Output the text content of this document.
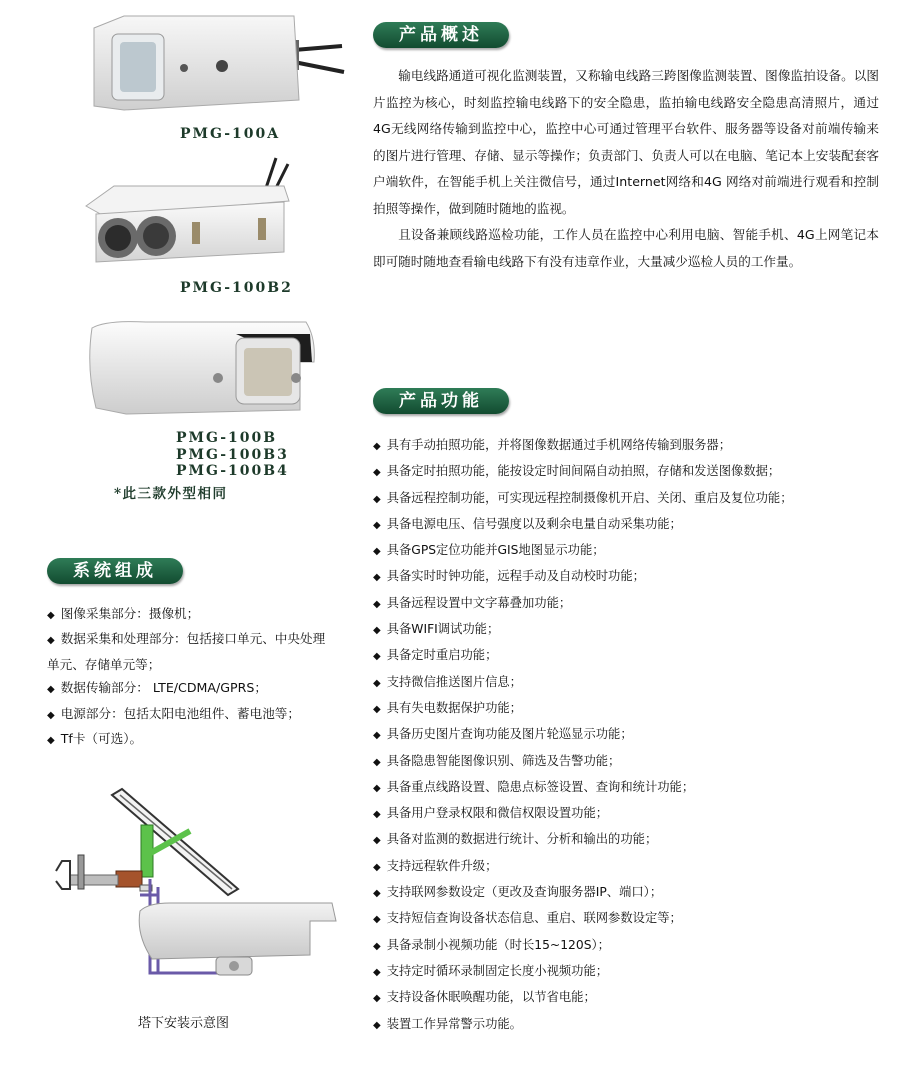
PMG-100A
PMG-100B2
PMG-100B
PMG-100B3
PMG-100B4
*此三款外型相同
产品概述

输电线路通道可视化监测装置，又称输电线路三跨图像监测装置、图像监拍设备。以图片监控为核心，时刻监控输电线路下的安全隐患，监拍输电线路安全隐患高清照片，通过4G无线网络传输到监控中心，监控中心可通过管理平台软件、服务器等设备对前端传输来的图片进行管理、存储、显示等操作；负责部门、负责人可以在电脑、笔记本上安装配套客户端软件，在智能手机上关注微信号，通过Internet网络和4G 网络对前端进行观看和控制拍照等操作，做到随时随地的监视。

且设备兼顾线路巡检功能，工作人员在监控中心利用电脑、智能手机、4G上网笔记本即可随时随地查看输电线路下有没有违章作业，大量减少巡检人员的工作量。

产品功能
◆ 具有手动拍照功能，并将图像数据通过手机网络传输到服务器；
◆ 具备定时拍照功能，能按设定时间间隔自动拍照，存储和发送图像数据；
◆ 具备远程控制功能，可实现远程控制摄像机开启、关闭、重启及复位功能；
◆ 具备电源电压、信号强度以及剩余电量自动采集功能；
◆ 具备GPS定位功能并GIS地图显示功能；
◆ 具备实时时钟功能，远程手动及自动校时功能；
◆ 具备远程设置中文字幕叠加功能；
◆ 具备WIFI调试功能；
◆ 具备定时重启功能；
◆ 支持微信推送图片信息；
◆ 具有失电数据保护功能；
◆ 具备历史图片查询功能及图片轮巡显示功能；
◆ 具备隐患智能图像识别、筛选及告警功能；
◆ 具备重点线路设置、隐患点标签设置、查询和统计功能；
◆ 具备用户登录权限和微信权限设置功能；
◆ 具备对监测的数据进行统计、分析和输出的功能；
◆ 支持远程软件升级；
◆ 支持联网参数设定（更改及查询服务器IP、端口）；
◆ 支持短信查询设备状态信息、重启、联网参数设定等；
◆ 具备录制小视频功能（时长15~120S）；
◆ 支持定时循环录制固定长度小视频功能；
◆ 支持设备休眠唤醒功能，以节省电能；
◆ 装置工作异常警示功能。
系统组成
◆ 图像采集部分：摄像机；
◆ 数据采集和处理部分：包括接口单元、中央处理单元、存储单元等；
◆ 数据传输部分： LTE/CDMA/GPRS；
◆ 电源部分：包括太阳电池组件、蓄电池等；
◆ Tf卡（可选）。
塔下安装示意图
